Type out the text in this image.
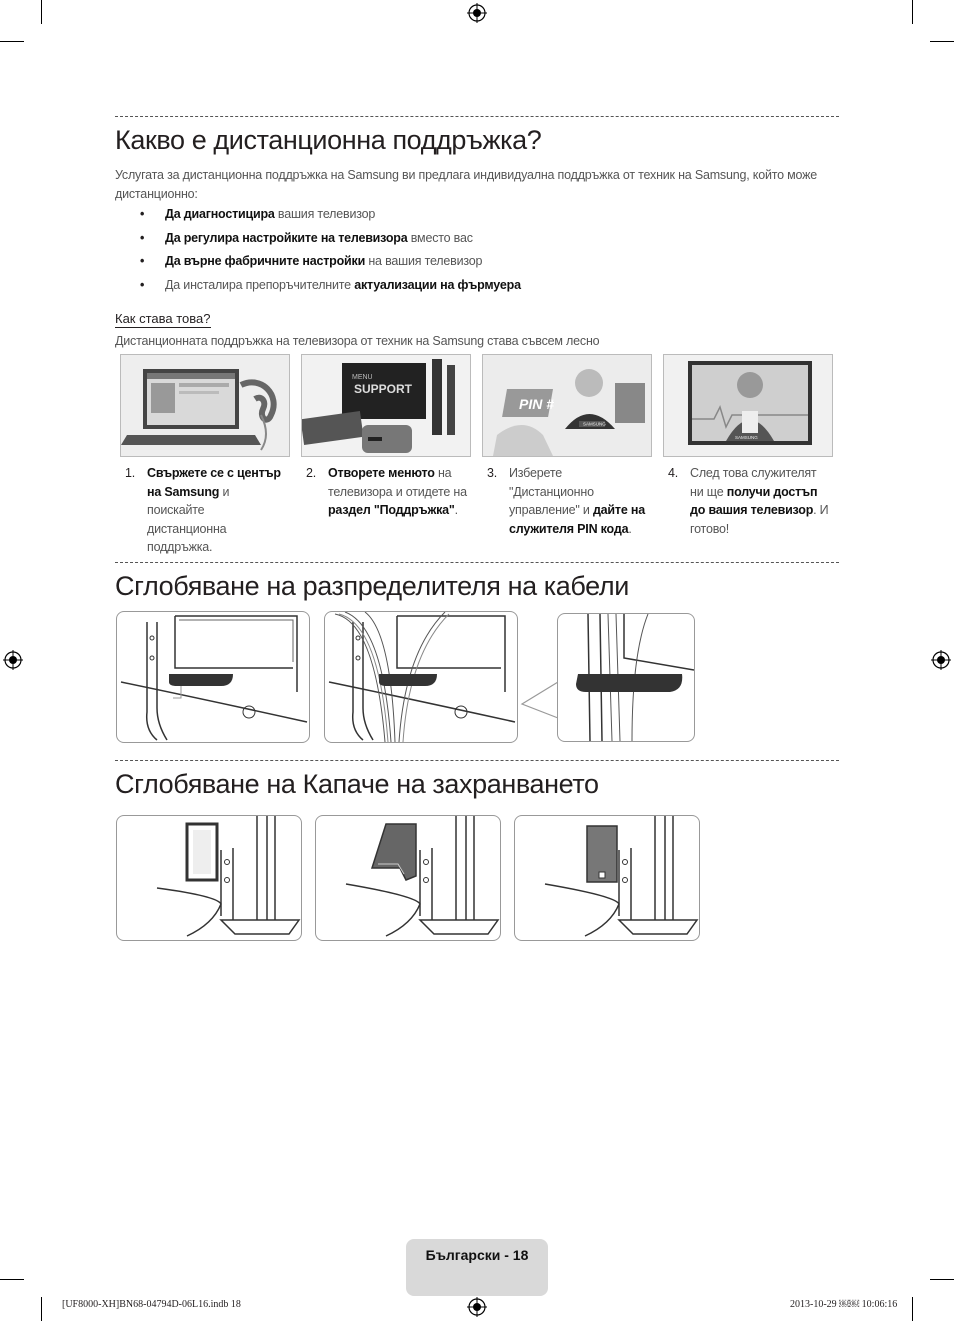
Какво е дистанционна поддръжка?
Услугата за дистанционна поддръжка на Samsung ви предлага индивидуална поддръжка от техник на Samsung, който може дистанционно:
• Да диагностицира вашия телевизор
• Да регулира настройките на телевизора вместо вас
• Да върне фабричните настройки на вашия телевизор
• Да инсталира препоръчителните актуализации на фърмуера
Как става това?
Дистанционната поддръжка на телевизора от техник на Samsung става съвсем лесно
MENU
SUPPORT
PIN #
SAMSUNG
SAMSUNG
1. Свържете се с център на Samsung и поискайте дистанционна поддръжка.
2. Отворете менюто на телевизора и отидете на раздел "Поддръжка".
3. Изберете "Дистанционно управление" и дайте на служителя PIN кода.
4. След това служителят ни ще получи достъп до вашия телевизор. И готово!
Сглобяване на разпределителя на кабели
Сглобяване на Капаче на захранването
Български - 18
[UF8000-XH]BN68-04794D-06L16.indb 18	2013-10-29 ￼￼ 10:06:16
